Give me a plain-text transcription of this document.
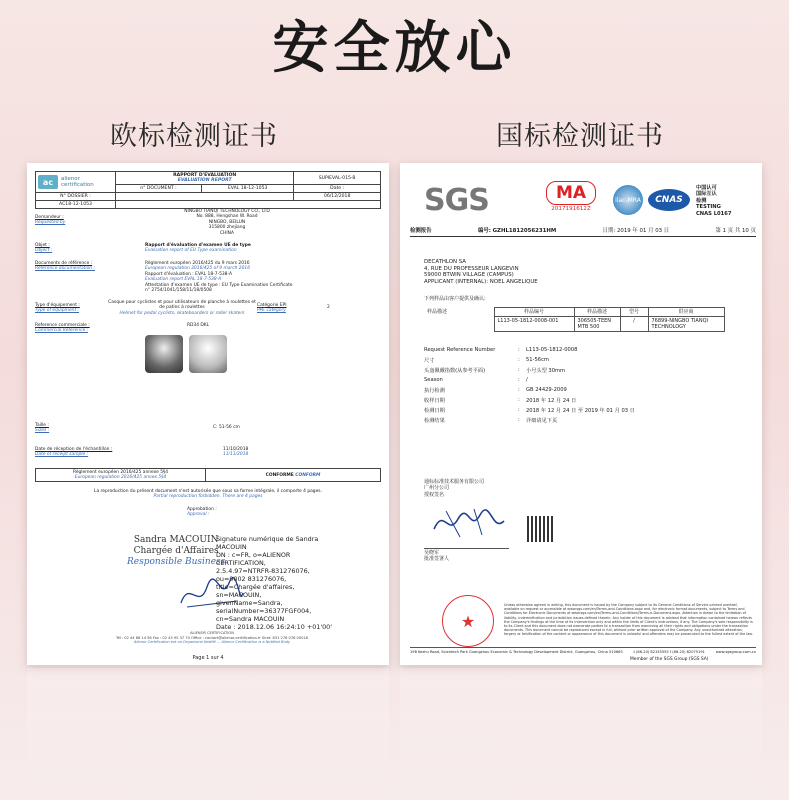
安全放心
欧标检测证书	国标检测证书
ac alienor
certification	RAPPORT D'EVALUATION
EVALUATION REPORT		SUPIEVAL-015-B
	n° DOCUMENT :	EVAL 18-12-1053	Date :
N° DOSSIER :			06/12/2018
AC18-12-1053			
Demandeur :
Requested by
NINGBO TIANQI TECHNOLOGY CO., LTD
No. 888, Hengshan W. Road
NINGBO, BEILUN
315800 zhejiang
CHINA
Objet :
Object :
Rapport d'évaluation d'examen UE de type
Evaluation report of EU Type examination
Documents de référence :
Reference documentation :
Règlement européen 2016/425 du 9 mars 2016
European regulation 2016/425 of 9 march 2016
Rapport d'évaluation : EVAL 18-7-538-A
Evaluation report EVAL 18-7-538-A
Attestation d'examen UE de type : EU Type Examination Certificate
n° 2754/1041/158/11/18/0508
Type d'équipement :
Type of equipment :
Casque pour cyclistes et pour utilisateurs de planche à roulettes et de patins à roulettes
Helmet for pedal cyclists, skateboarders or roller skaters
Catégorie EPI
PPE category
2
Reference commerciale :
Commercial Reference :
RD34 DKL
Taille :
Sizes :
C: 51-56 cm
Date de réception de l'échantillon :
Date of receipt sample :
11/10/2018
11/11/2018
Règlement européen 2016/425 annexe 5§4
European regulation 2016/425 annex 5§4	CONFORME CONFORM
La reproduction du présent document n'est autorisée que sous sa forme intégrale, il comporte 4 pages.
Partial reproduction forbidden. There are 4 pages
Approbation :
Approval :
Sandra MACOUIN
Chargée d'Affaires
Responsible Business
Signature numérique de Sandra
MACOUIN
DN : c=FR, o=ALIENOR
CERTIFICATION,
2.5.4.97=NTRFR-831276076,
ou=0002 831276076,
title=Chargée d'affaires,
sn=MACOUIN,
givenName=Sandra,
serialNumber=36377FGF004,
cn=Sandra MACOUIN
Date : 2018.12.06 16:24:10 +01'00'
ALIENOR CERTIFICATION
Tél : 02 44 86 14 56 Fax : 02 43 95 37 70 Office : contact@alienor-certification.fr Siret: 831 276 076 00018
Alienor Certification est un Organisme Notifié ... Alienor Certification is a Notified Body
Page 1 sur 4
SGS	MA
2017191612Z
ilac-MRA	CNAS
中国认可
国际互认
检测
TESTING
CNAS L0167
检测报告	编号: GZHL1812056231HM	日期: 2019 年 01 月 03 日	第 1 页 共 10 页
DECATHLON SA
4, RUE DU PROFESSEUR LANGEVIN
59000 BTWIN VILLAGE (CAMPUS)
APPLICANT (INTERNAL): NOEL ANGELIQUE
下列样品由客户提供及确认:
样品描述	样品编号	样品描述	型号	供应商
	L113-05-1812-0008-001	306505-TEEN MTB 500	/	76899-NINGBO TIANQI TECHNOLOGY
Request Reference Number	:	L113-05-1812-0008
尺寸	:	51-56cm
头盔佩戴指数(从参考平面)	:	小号头型 30mm
Season	:	/
执行检测	:	GB 24429-2009
收样日期	:	2018 年 12 月 24 日
检测日期	:	2018 年 12 月 24 日 至 2019 年 01 月 03 日
检测结果	:	详细请见下页
通标标准技术服务有限公司
广州分公司
授权签名
吴晓军
批准签署人
★
Unless otherwise agreed in writing, this document is issued by the Company subject to its General Conditions of Service printed overleaf, available on request or accessible at www.sgs.com/en/Terms-and-Conditions.aspx and, for electronic format documents, subject to Terms and Conditions for Electronic Documents at www.sgs.com/en/Terms-and-Conditions/Terms-e-Document.aspx. Attention is drawn to the limitation of liability, indemnification and jurisdiction issues defined therein. Any holder of this document is advised that information contained hereon reflects the Company's findings at the time of its intervention only and within the limits of Client's instructions, if any. The Company's sole responsibility is to its Client and this document does not exonerate parties to a transaction from exercising all their rights and obligations under the transaction documents. This document cannot be reproduced except in full, without prior written approval of the Company. Any unauthorized alteration, forgery or falsification of the content or appearance of this document is unlawful and offenders may be prosecuted to the fullest extent of the law.
198 Kezhu Road, Scientech Park Guangzhou Economic & Technology Development District, Guangzhou, China 510663	t (86-20) 82155555 f (86-20) 82075191	www.sgsgroup.com.cn
Member of the SGS Group (SGS SA)
